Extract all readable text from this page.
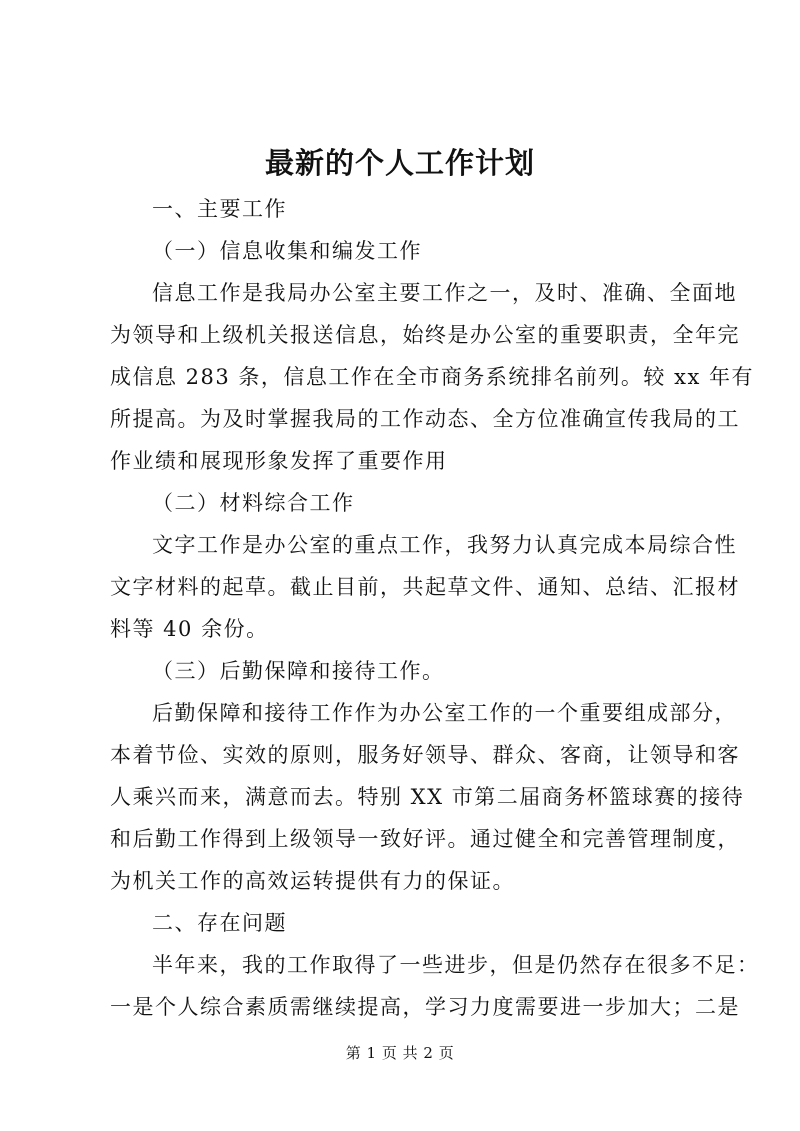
最新的个人工作计划
一、主要工作
（一）信息收集和编发工作
信息工作是我局办公室主要工作之一，及时、准确、全面地
为领导和上级机关报送信息，始终是办公室的重要职责，全年完
成信息 283 条，信息工作在全市商务系统排名前列。较 xx 年有
所提高。为及时掌握我局的工作动态、全方位准确宣传我局的工
作业绩和展现形象发挥了重要作用
（二）材料综合工作
文字工作是办公室的重点工作，我努力认真完成本局综合性
文字材料的起草。截止目前，共起草文件、通知、总结、汇报材
料等 40 余份。
（三）后勤保障和接待工作。
后勤保障和接待工作作为办公室工作的一个重要组成部分，
本着节俭、实效的原则，服务好领导、群众、客商，让领导和客
人乘兴而来，满意而去。特别 XX 市第二届商务杯篮球赛的接待
和后勤工作得到上级领导一致好评。通过健全和完善管理制度，
为机关工作的高效运转提供有力的保证。
二、存在问题
半年来，我的工作取得了一些进步，但是仍然存在很多不足：
一是个人综合素质需继续提高，学习力度需要进一步加大；二是
第 1 页 共 2 页
